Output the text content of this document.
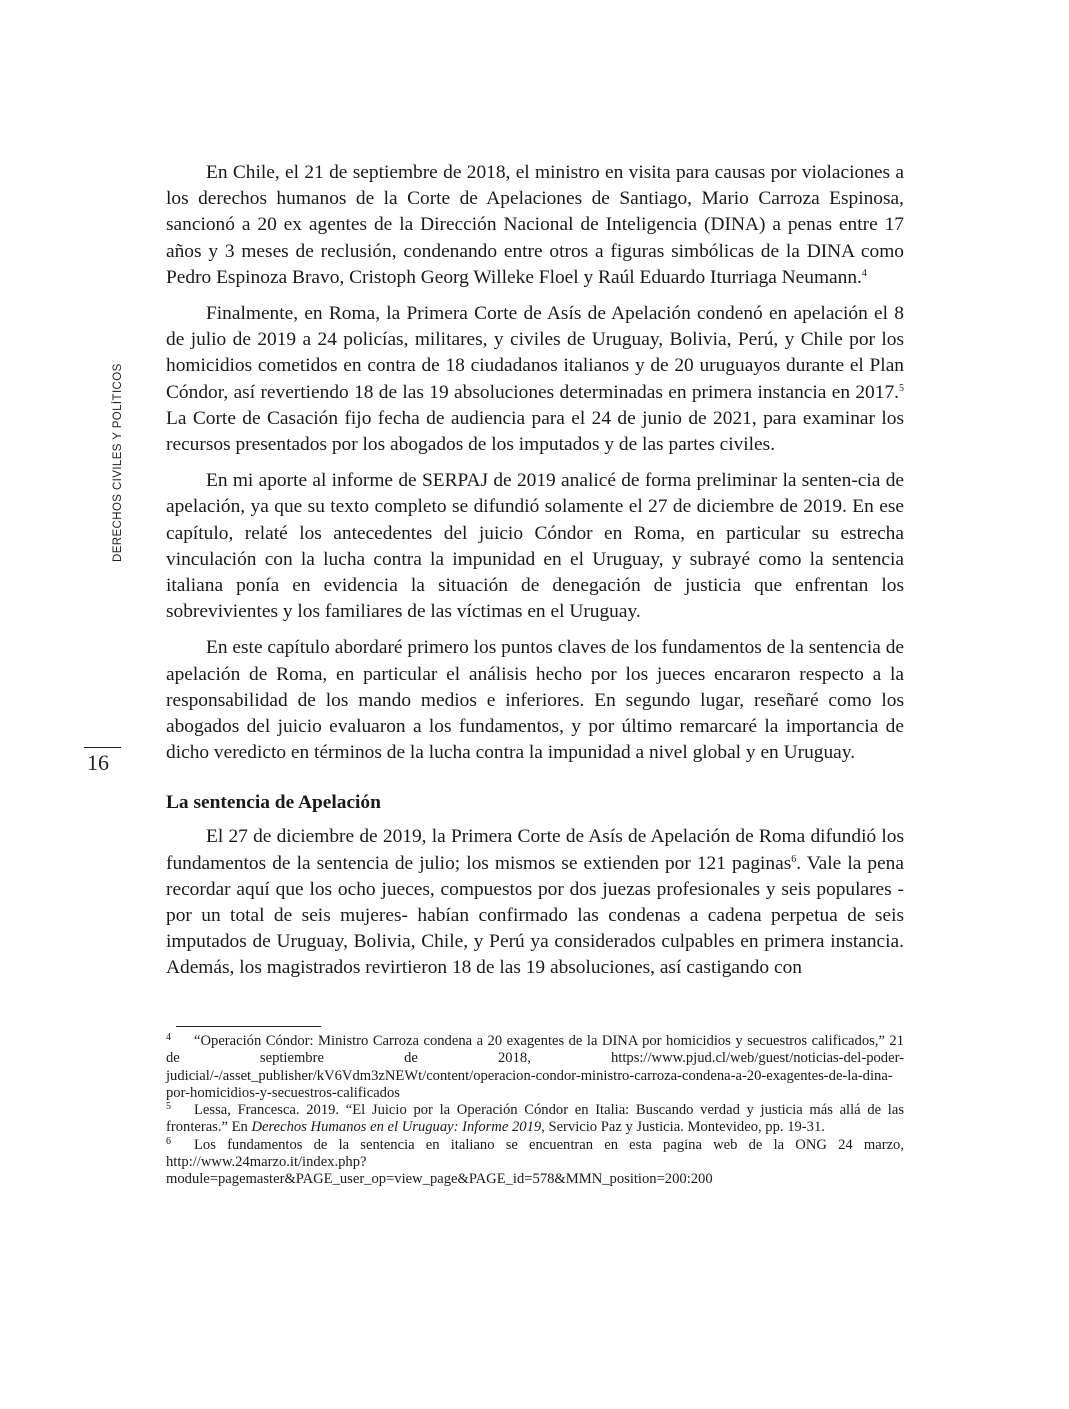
DERECHOS CIVILES Y POLÍTICOS
16

En Chile, el 21 de septiembre de 2018, el ministro en visita para causas por violaciones a los derechos humanos de la Corte de Apelaciones de Santiago, Mario Carroza Espinosa, sancionó a 20 ex agentes de la Dirección Nacional de Inteligencia (DINA) a penas entre 17 años y 3 meses de reclusión, condenando entre otros a figuras simbólicas de la DINA como Pedro Espinoza Bravo, Cristoph Georg Willeke Floel y Raúl Eduardo Iturriaga Neumann.$^4$

Finalmente, en Roma, la Primera Corte de Asís de Apelación condenó en apelación el 8 de julio de 2019 a 24 policías, militares, y civiles de Uruguay, Bolivia, Perú, y Chile por los homicidios cometidos en contra de 18 ciudadanos italianos y de 20 uruguayos durante el Plan Cóndor, así revertiendo 18 de las 19 absoluciones determinadas en primera instancia en 2017.$^5$ La Corte de Casación fijo fecha de audiencia para el 24 de junio de 2021, para examinar los recursos presentados por los abogados de los imputados y de las partes civiles.

En mi aporte al informe de SERPAJ de 2019 analicé de forma preliminar la senten-cia de apelación, ya que su texto completo se difundió solamente el 27 de diciembre de 2019. En ese capítulo, relaté los antecedentes del juicio Cóndor en Roma, en particular su estrecha vinculación con la lucha contra la impunidad en el Uruguay, y subrayé como la sentencia italiana ponía en evidencia la situación de denegación de justicia que enfrentan los sobrevivientes y los familiares de las víctimas en el Uruguay.

En este capítulo abordaré primero los puntos claves de los fundamentos de la sentencia de apelación de Roma, en particular el análisis hecho por los jueces encararon respecto a la responsabilidad de los mando medios e inferiores. En segundo lugar, reseñaré como los abogados del juicio evaluaron a los fundamentos, y por último remarcaré la importancia de dicho veredicto en términos de la lucha contra la impunidad a nivel global y en Uruguay.

La sentencia de Apelación

El 27 de diciembre de 2019, la Primera Corte de Asís de Apelación de Roma difundió los fundamentos de la sentencia de julio; los mismos se extienden por 121 paginas$^6$. Vale la pena recordar aquí que los ocho jueces, compuestos por dos juezas profesionales y seis populares -por un total de seis mujeres- habían confirmado las condenas a cadena perpetua de seis imputados de Uruguay, Bolivia, Chile, y Perú ya considerados culpables en primera instancia. Además, los magistrados revirtieron 18 de las 19 absoluciones, así castigando con

4 “Operación Cóndor: Ministro Carroza condena a 20 exagentes de la DINA por homicidios y secuestros calificados,” 21 de septiembre de 2018, https://www.pjud.cl/web/guest/noticias-del-poder-judicial/-/asset_publisher/kV6Vdm3zNEWt/content/operacion-condor-ministro-carroza-condena-a-20-exagentes-de-la-dina-por-homicidios-y-secuestros-calificados

5 Lessa, Francesca. 2019. “El Juicio por la Operación Cóndor en Italia: Buscando verdad y justicia más allá de las fronteras.” En Derechos Humanos en el Uruguay: Informe 2019, Servicio Paz y Justicia. Montevideo, pp. 19-31.

6 Los fundamentos de la sentencia en italiano se encuentran en esta pagina web de la ONG 24 marzo, http://www.24marzo.it/index.php?module=pagemaster&PAGE_user_op=view_page&PAGE_id=578&MMN_position=200:200
